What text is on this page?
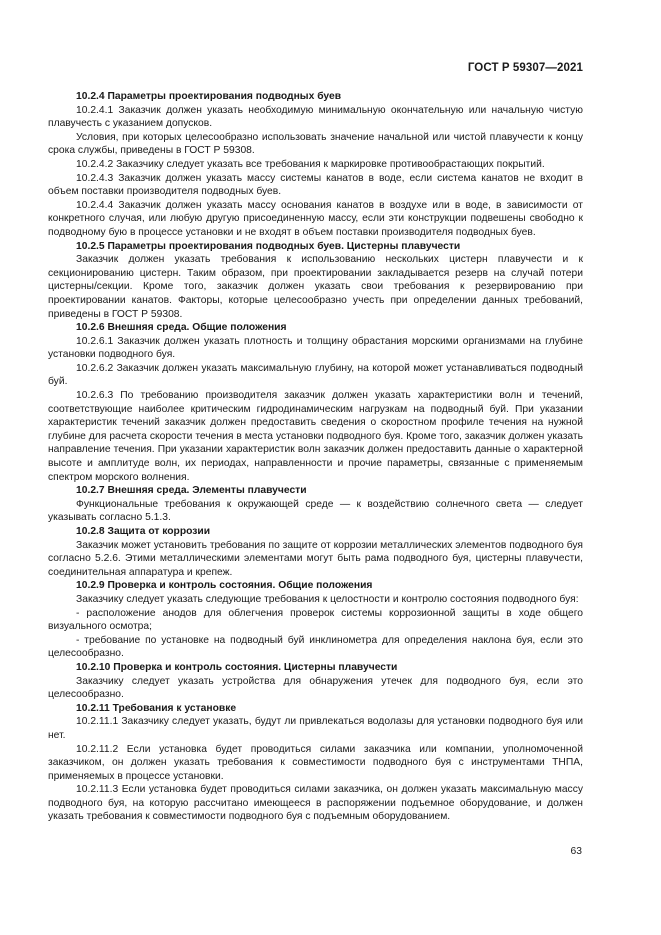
ГОСТ Р 59307—2021

10.2.4 Параметры проектирования подводных буев

10.2.4.1 Заказчик должен указать необходимую минимальную окончательную или начальную чистую плавучесть с указанием допусков.

Условия, при которых целесообразно использовать значение начальной или чистой плавучести к концу срока службы, приведены в ГОСТ Р 59308.

10.2.4.2 Заказчику следует указать все требования к маркировке противообрастающих покрытий.

10.2.4.3 Заказчик должен указать массу системы канатов в воде, если система канатов не входит в объем поставки производителя подводных буев.

10.2.4.4 Заказчик должен указать массу основания канатов в воздухе или в воде, в зависимости от конкретного случая, или любую другую присоединенную массу, если эти конструкции подвешены свободно к подводному бую в процессе установки и не входят в объем поставки производителя подводных буев.

10.2.5 Параметры проектирования подводных буев. Цистерны плавучести

Заказчик должен указать требования к использованию нескольких цистерн плавучести и к секционированию цистерн. Таким образом, при проектировании закладывается резерв на случай потери цистерны/секции. Кроме того, заказчик должен указать свои требования к резервированию при проектировании канатов. Факторы, которые целесообразно учесть при определении данных требований, приведены в ГОСТ Р 59308.

10.2.6 Внешняя среда. Общие положения

10.2.6.1 Заказчик должен указать плотность и толщину обрастания морскими организмами на глубине установки подводного буя.

10.2.6.2 Заказчик должен указать максимальную глубину, на которой может устанавливаться подводный буй.

10.2.6.3 По требованию производителя заказчик должен указать характеристики волн и течений, соответствующие наиболее критическим гидродинамическим нагрузкам на подводный буй. При указании характеристик течений заказчик должен предоставить сведения о скоростном профиле течения на нужной глубине для расчета скорости течения в места установки подводного буя. Кроме того, заказчик должен указать направление течения. При указании характеристик волн заказчик должен предоставить данные о характерной высоте и амплитуде волн, их периодах, направленности и прочие параметры, связанные с применяемым спектром морского волнения.

10.2.7 Внешняя среда. Элементы плавучести

Функциональные требования к окружающей среде — к воздействию солнечного света — следует указывать согласно 5.1.3.

10.2.8 Защита от коррозии

Заказчик может установить требования по защите от коррозии металлических элементов подводного буя согласно 5.2.6. Этими металлическими элементами могут быть рама подводного буя, цистерны плавучести, соединительная аппаратура и крепеж.

10.2.9 Проверка и контроль состояния. Общие положения

Заказчику следует указать следующие требования к целостности и контролю состояния подводного буя:

- расположение анодов для облегчения проверок системы коррозионной защиты в ходе общего визуального осмотра;

- требование по установке на подводный буй инклинометра для определения наклона буя, если это целесообразно.

10.2.10 Проверка и контроль состояния. Цистерны плавучести

Заказчику следует указать устройства для обнаружения утечек для подводного буя, если это целесообразно.

10.2.11 Требования к установке

10.2.11.1 Заказчику следует указать, будут ли привлекаться водолазы для установки подводного буя или нет.

10.2.11.2 Если установка будет проводиться силами заказчика или компании, уполномоченной заказчиком, он должен указать требования к совместимости подводного буя с инструментами ТНПА, применяемых в процессе установки.

10.2.11.3 Если установка будет проводиться силами заказчика, он должен указать максимальную массу подводного буя, на которую рассчитано имеющееся в распоряжении подъемное оборудование, и должен указать требования к совместимости подводного буя с подъемным оборудованием.

63
